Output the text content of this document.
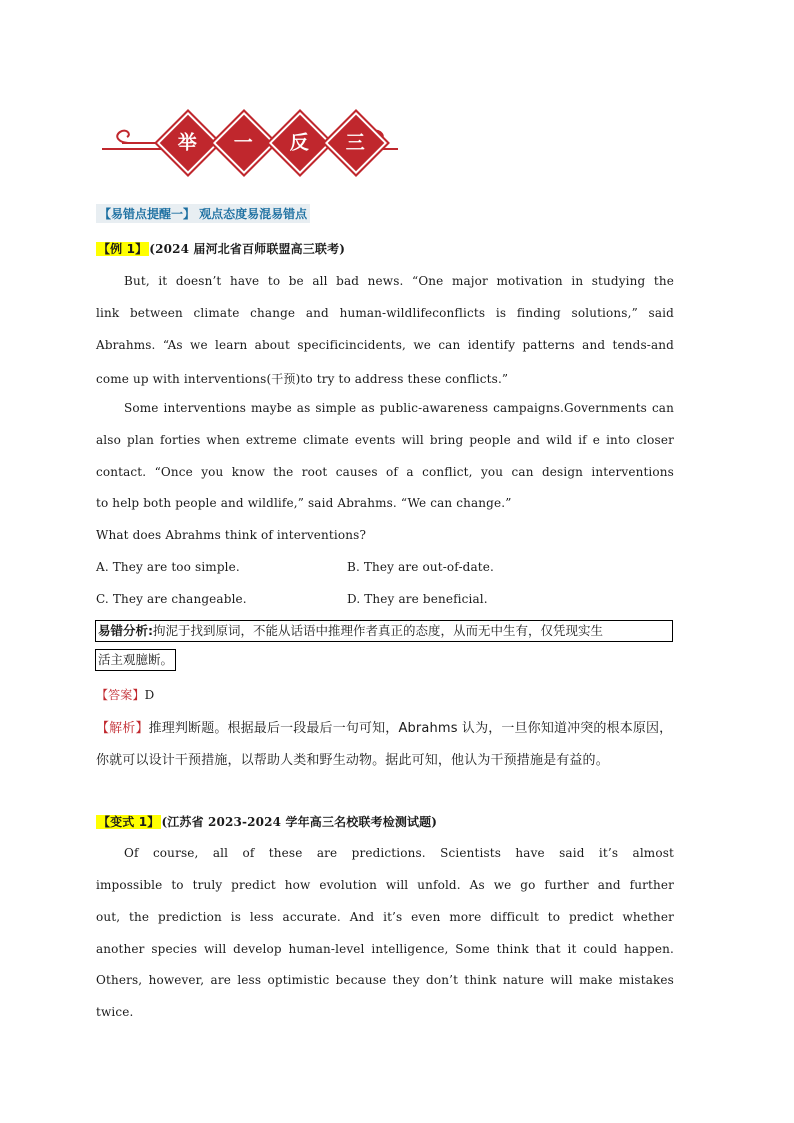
举 一 反 三
【易错点提醒一】 观点态度易混易错点
【例 1】 (2024 届河北省百师联盟高三联考)
But, it doesn’t have to be all bad news. “One major motivation in studying the
link between climate change and human-wildlifeconflicts is finding solutions,” said
Abrahms. “As we learn about specificincidents, we can identify patterns and tends-and
come up with interventions(干预)to try to address these conflicts.”
Some interventions maybe as simple as public-awareness campaigns.Governments can
also plan forties when extreme climate events will bring people and wild if e into closer
contact. “Once you know the root causes of a conflict, you can design interventions
to help both people and wildlife,” said Abrahms. “We can change.”
What does Abrahms think of interventions?
A. They are too simple.	B. They are out-of-date.
C. They are changeable.	D. They are beneficial.
易错分析:拘泥于找到原词，不能从话语中推理作者真正的态度，从而无中生有，仅凭现实生
活主观臆断。
【答案】D
【解析】推理判断题。根据最后一段最后一句可知，Abrahms 认为，一旦你知道冲突的根本原因，
你就可以设计干预措施，以帮助人类和野生动物。据此可知，他认为干预措施是有益的。
【变式 1】 (江苏省 2023-2024 学年高三名校联考检测试题)
Of course, all of these are predictions. Scientists have said it’s almost
impossible to truly predict how evolution will unfold. As we go further and further
out, the prediction is less accurate. And it’s even more difficult to predict whether
another species will develop human-level intelligence, Some think that it could happen.
Others, however, are less optimistic because they don’t think nature will make mistakes
twice.
